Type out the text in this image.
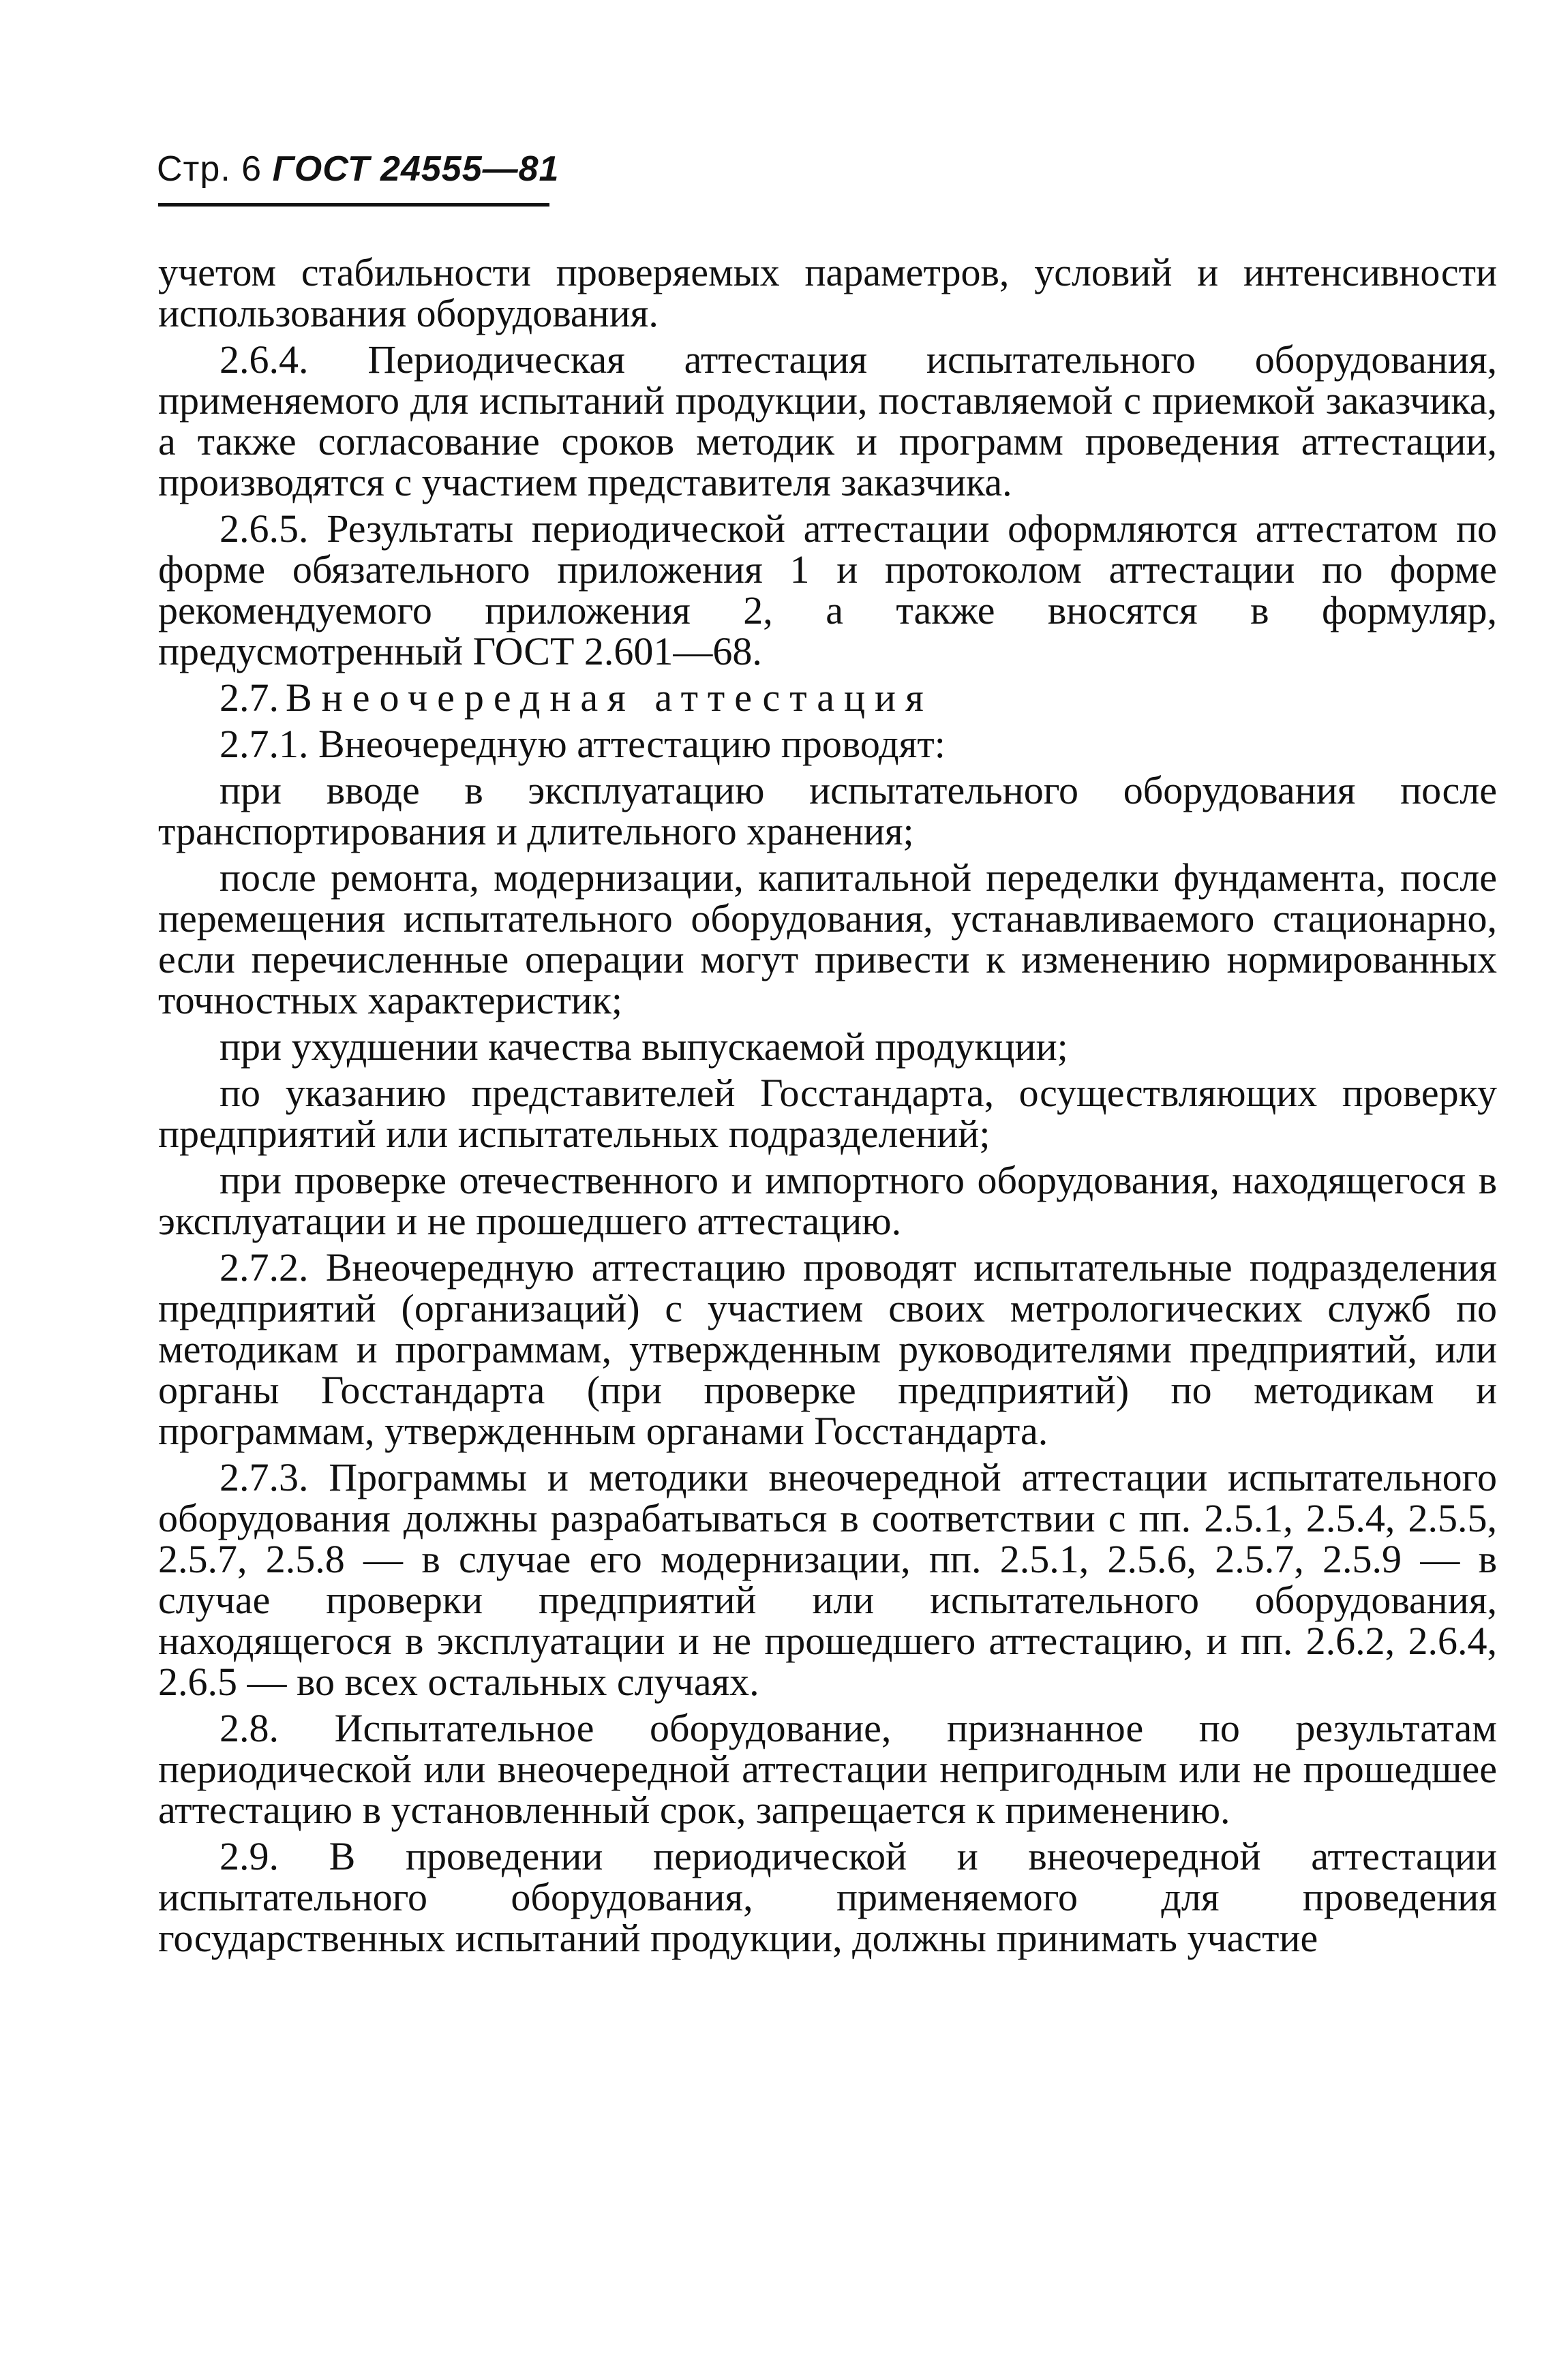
Стр. 6 ГОСТ 24555—81

учетом стабильности проверяемых параметров, условий и интенсивности использования оборудования.

2.6.4. Периодическая аттестация испытательного оборудования, применяемого для испытаний продукции, поставляемой с приемкой заказчика, а также согласование сроков методик и программ проведения аттестации, производятся с участием представителя заказчика.

2.6.5. Результаты периодической аттестации оформляются аттестатом по форме обязательного приложения 1 и протоколом аттестации по форме рекомендуемого приложения 2, а также вносятся в формуляр, предусмотренный ГОСТ 2.601—68.

2.7. Внеочередная аттестация

2.7.1. Внеочередную аттестацию проводят:

при вводе в эксплуатацию испытательного оборудования после транспортирования и длительного хранения;

после ремонта, модернизации, капитальной переделки фундамента, после перемещения испытательного оборудования, устанавливаемого стационарно, если перечисленные операции могут привести к изменению нормированных точностных характеристик;

при ухудшении качества выпускаемой продукции;

по указанию представителей Госстандарта, осуществляющих проверку предприятий или испытательных подразделений;

при проверке отечественного и импортного оборудования, находящегося в эксплуатации и не прошедшего аттестацию.

2.7.2. Внеочередную аттестацию проводят испытательные подразделения предприятий (организаций) с участием своих метрологических служб по методикам и программам, утвержденным руководителями предприятий, или органы Госстандарта (при проверке предприятий) по методикам и программам, утвержденным органами Госстандарта.

2.7.3. Программы и методики внеочередной аттестации испытательного оборудования должны разрабатываться в соответствии с пп. 2.5.1, 2.5.4, 2.5.5, 2.5.7, 2.5.8 — в случае его модернизации, пп. 2.5.1, 2.5.6, 2.5.7, 2.5.9 — в случае проверки предприятий или испытательного оборудования, находящегося в эксплуатации и не прошедшего аттестацию, и пп. 2.6.2, 2.6.4, 2.6.5 — во всех остальных случаях.

2.8. Испытательное оборудование, признанное по результатам периодической или внеочередной аттестации непригодным или не прошедшее аттестацию в установленный срок, запрещается к применению.

2.9. В проведении периодической и внеочередной аттестации испытательного оборудования, применяемого для проведения государственных испытаний продукции, должны принимать участие
